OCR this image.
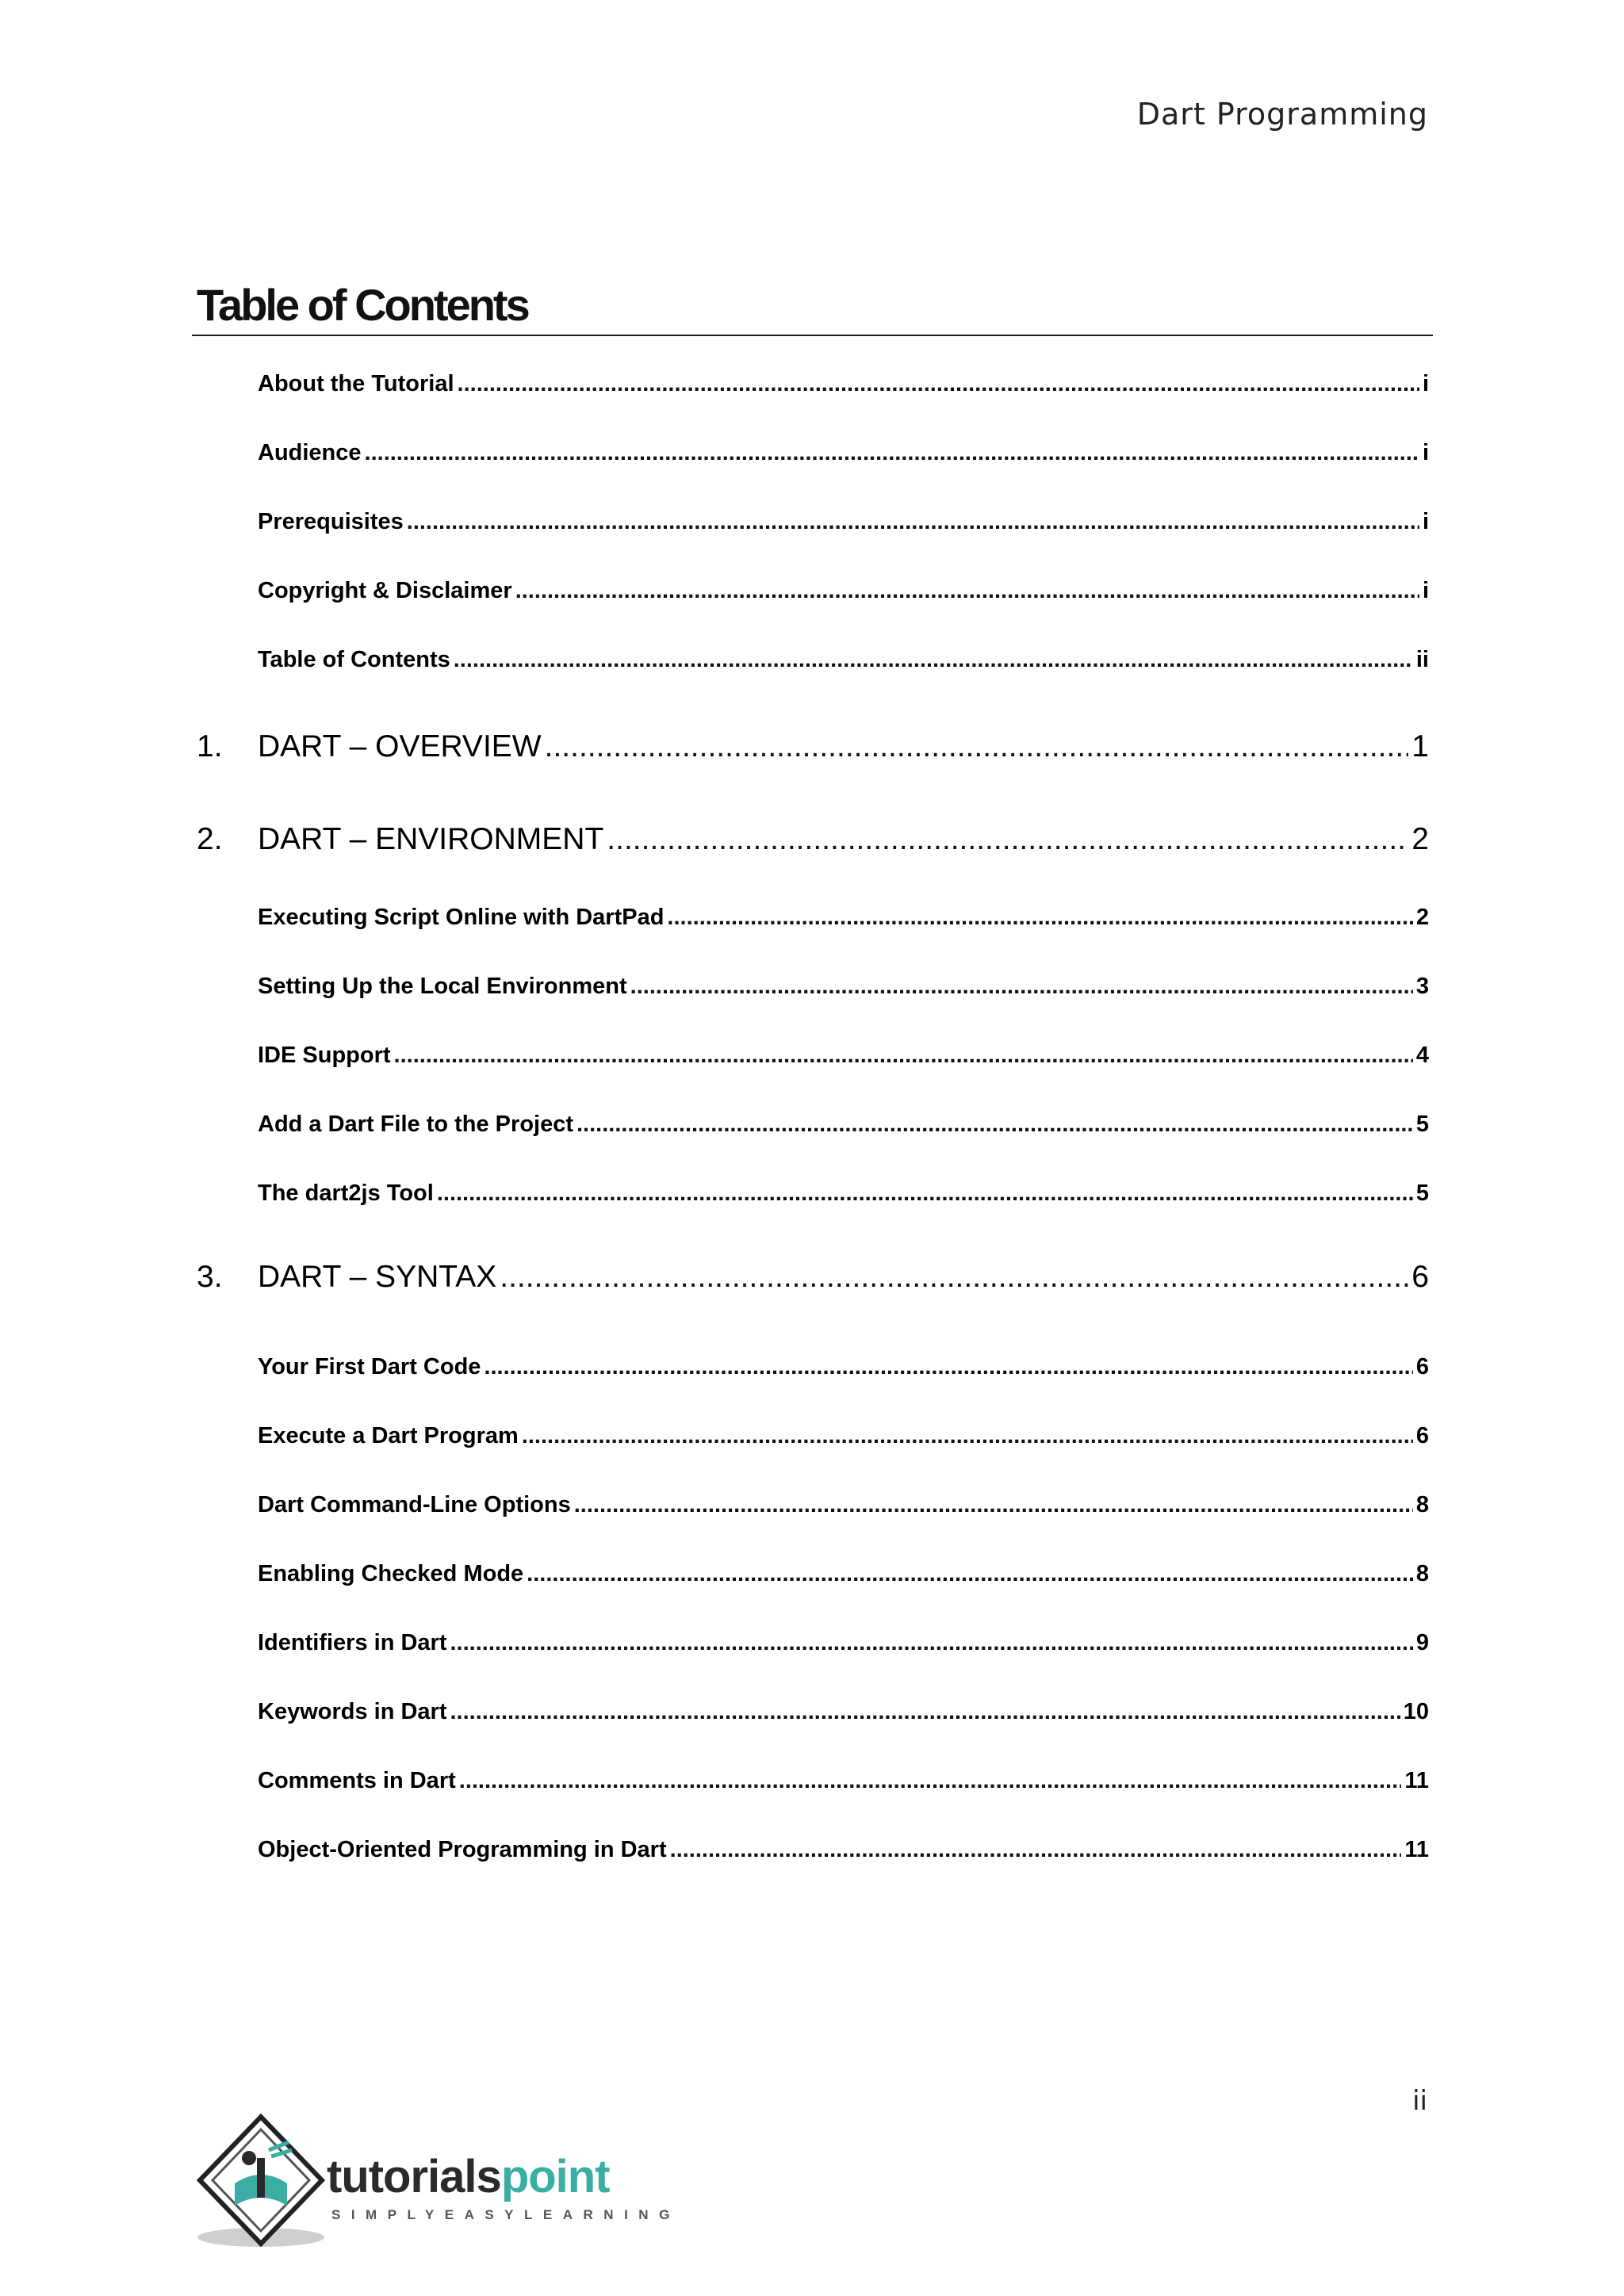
Dart Programming
Table of Contents
About the Tutorial .....	i
Audience .....	i
Prerequisites .....	i
Copyright & Disclaimer .....	i
Table of Contents .....	ii
1.	DART – OVERVIEW .....	1
2.	DART – ENVIRONMENT .....	2
Executing Script Online with DartPad .....	2
Setting Up the Local Environment .....	3
IDE Support .....	4
Add a Dart File to the Project .....	5
The dart2js Tool .....	5
3.	DART – SYNTAX .....	6
Your First Dart Code .....	6
Execute a Dart Program .....	6
Dart Command-Line Options .....	8
Enabling Checked Mode .....	8
Identifiers in Dart .....	9
Keywords in Dart .....	10
Comments in Dart .....	11
Object-Oriented Programming in Dart .....	11
ii
tutorialspoint
SIMPLYEASYLEARNING
